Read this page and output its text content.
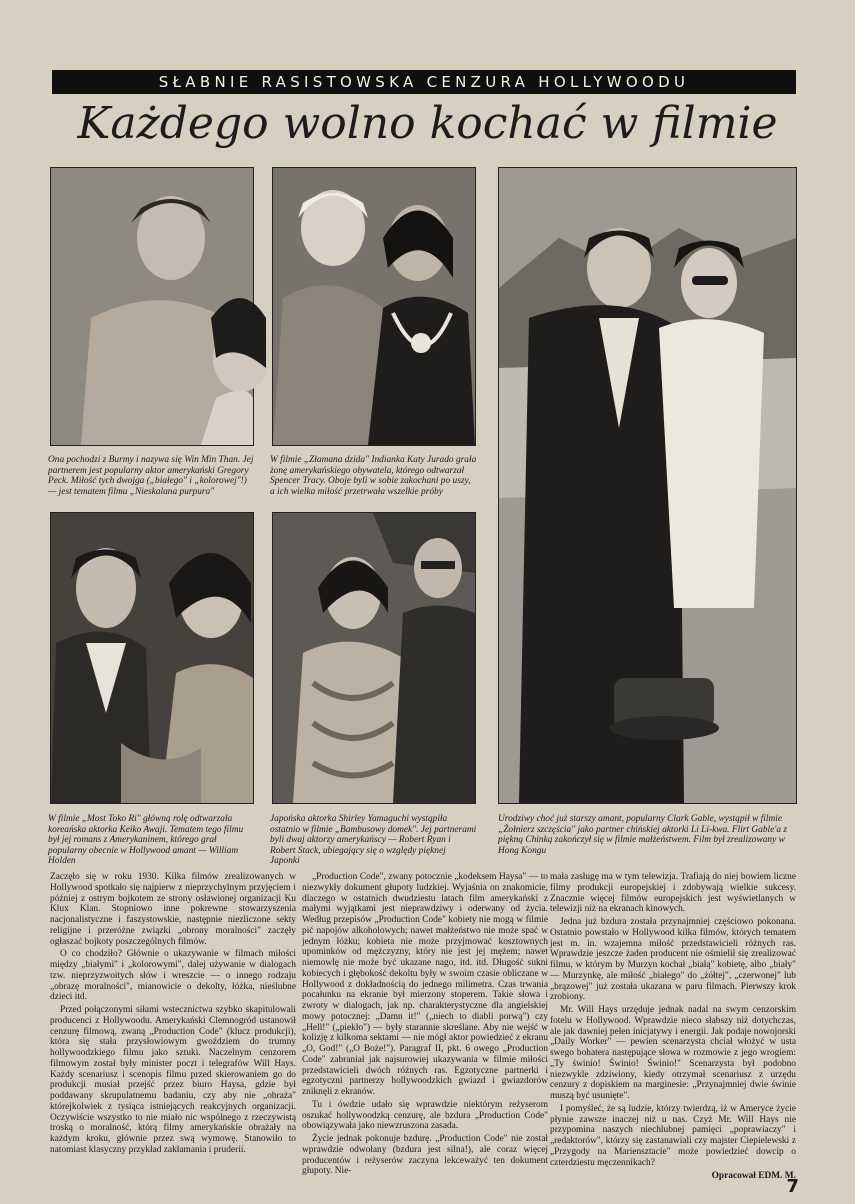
SŁABNIE RASISTOWSKA CENZURA HOLLYWOODU
Każdego wolno kochać w filmie
Ona pochodzi z Burmy i nazywa się Win Min Than. Jej partnerem jest popularny aktor amerykański Gregory Peck. Miłość tych dwojga („białego" i „kolorowej"!) — jest tematem filmu „Nieskalana purpura"
W filmie „Złamana dzida" Indianka Katy Jurado grała żonę amerykańskiego obywatela, którego odtwarzał Spencer Tracy. Oboje byli w sobie zakochani po uszy, a ich wielka miłość przetrwała wszelkie próby
W filmie „Most Toko Ri" główną rolę odtwarzała koreańska aktorka Keiko Awaji. Tematem tego filmu był jej romans z Amerykaninem, którego grał popularny obecnie w Hollywood amant — William Holden
Japońska aktorka Shirley Yamaguchi wystąpiła ostatnio w filmie „Bambusowy domek". Jej partnerami byli dwaj aktorzy amerykańscy — Robert Ryan i Robert Stack, ubiegający się o względy pięknej Japonki
Urodziwy choć już starszy amant, popularny Clark Gable, wystąpił w filmie „Żołnierz szczęścia" jako partner chińskiej aktorki Li Li-kwa. Flirt Gable'a z piękną Chinką zakończył się w filmie małżeństwem. Film był zrealizowany w Hong Kongu

Zaczęło się w roku 1930. Kilka filmów zrealizowanych w Hollywood spotkało się najpierw z nieprzychylnym przyjęciem i później z ostrym bojkotem ze strony osławionej organizacji Ku Klux Klan. Stopniowo inne pokrewne stowarzyszenia nacjonalistyczne i faszystowskie, następnie niezliczone sekty religijne i przeróżne związki „obrony moralności" zaczęły ogłaszać bojkoty poszczególnych filmów.

O co chodziło? Głównie o ukazywanie w filmach miłości między „białymi" i „kolorowymi", dalej używanie w dialogach tzw. nieprzyzwoitych słów i wreszcie — o innego rodzaju „obrazę moralności", mianowicie o dekolty, łóżka, nieślubne dzieci itd.

Przed połączonymi siłami wstecznictwa szybko skapitulowali producenci z Hollywoodu. Amerykański Clemnogród ustanowił cenzurę filmową, zwaną „Production Code" (klucz produkcji), która się stała przysłowiowym gwoździem do trumny hollywoodzkiego filmu jako sztuki. Naczelnym cenzorem filmowym został były minister poczt i telegrafów Will Hays. Każdy scenariusz i scenopis filmu przed skierowaniem go do produkcji musiał przejść przez biuro Haysa, gdzie był poddawany skrupulatnemu badaniu, czy aby nie „obraża" którejkolwiek z tysiąca istniejących reakcyjnych organizacji. Oczywiście wszystko to nie miało nic wspólnego z rzeczywistą troską o moralność, którą filmy amerykańskie obrażały na każdym kroku, głównie przez swą wymowę. Stanowiło to natomiast klasyczny przykład zakłamania i pruderii.

„Production Code", zwany potocznie „kodeksem Haysa" — to niezwykły dokument głupoty ludzkiej. Wyjaśnia on znakomicie, dlaczego w ostatnich dwudziestu latach film amerykański z małymi wyjątkami jest nieprawdziwy i oderwany od życia. Według przepisów „Production Code" kobiety nie mogą w filmie pić napojów alkoholowych; nawet małżeństwo nie może spać w jednym łóżku; kobieta nie może przyjmować kosztownych upominków od mężczyzny, który nie jest jej mężem; nawet niemowlę nie może być ukazane nago, itd. itd. Długość sukni kobiecych i głębokość dekoltu były w swoim czasie obliczane w Hollywood z dokładnością do jednego milimetra. Czas trwania pocałunku na ekranie był mierzony stoperem. Takie słowa i zwroty w dialogach, jak np. charakterystyczne dla angielskiej mowy potocznej: „Damn it!" („niech to diabli porwą") czy „Hell!" („piekło") — były starannie skreślane. Aby nie wejść w kolizję z kilkoma sektami — nie mógł aktor powiedzieć z ekranu „O, God!" („O Boże!"). Paragraf II, pkt. 6 owego „Production Code" zabraniał jak najsurowiej ukazywania w filmie miłości przedstawicieli dwóch różnych ras. Egzotyczne partnerki i egzotyczni partnerzy hollywoodzkich gwiazd i gwiazdorów zniknęli z ekranów.

Tu i ówdzie udało się wprawdzie niektórym reżyserom oszukać hollywoodzką cenzurę, ale bzdura „Production Code" obowiązywała jako niewzruszona zasada.

Życie jednak pokonuje bzdurę. „Production Code" nie został wprawdzie odwołany (bzdura jest silna!), ale coraz więcej producentów i reżyserów zaczyna lekceważyć ten dokument głupoty. Nie-

mała zasługę ma w tym telewizja. Trafiają do niej bowiem liczne filmy produkcji europejskiej i zdobywają wielkie sukcesy. Znacznie więcej filmów europejskich jest wyświetlanych w telewizji niż na ekranach kinowych.

Jedna już bzdura została przynajmniej częściowo pokonana. Ostatnio powstało w Hollywood kilka filmów, których tematem jest m. in. wzajemna miłość przedstawicieli różnych ras. Wprawdzie jeszcze żaden producent nie ośmielił się zrealizować filmu, w którym by Murzyn kochał „białą" kobietę, albo „biały" — Murzynkę, ale miłość „białego" do „żółtej", „czerwonej" lub „brązowej" już została ukazana w paru filmach. Pierwszy krok zrobiony.

Mr. Will Hays urzęduje jednak nadal na swym cenzorskim fotelu w Hollywood. Wprawdzie nieco słabszy niż dotychczas, ale jak dawniej pełen inicjatywy i energii. Jak podaje nowojorski „Daily Worker" — pewien scenarzysta chciał włożyć w usta swego bohatera następujące słowa w rozmowie z jego wrogiem: „Ty świnio! Świnio! Świnio!" Scenarzysta był podobno niezwykle zdziwiony, kiedy otrzymał scenariusz z urzędu cenzury z dopiskiem na marginesie: „Przynajmniej dwie świnie muszą być usunięte".

I pomyśleć, że są ludzie, którzy twierdzą, iż w Ameryce życie płynie zawsze inaczej niż u nas. Czyż Mr. Will Hays nie przypomina naszych niechlubnej pamięci „poprawiaczy" i „redaktorów", którzy się zastanawiali czy majster Ciepielewski z „Przygody na Mariensztacie" może powiedzieć dowcip o czterdziestu męczennikach?

Opracował EDM. M.
7
